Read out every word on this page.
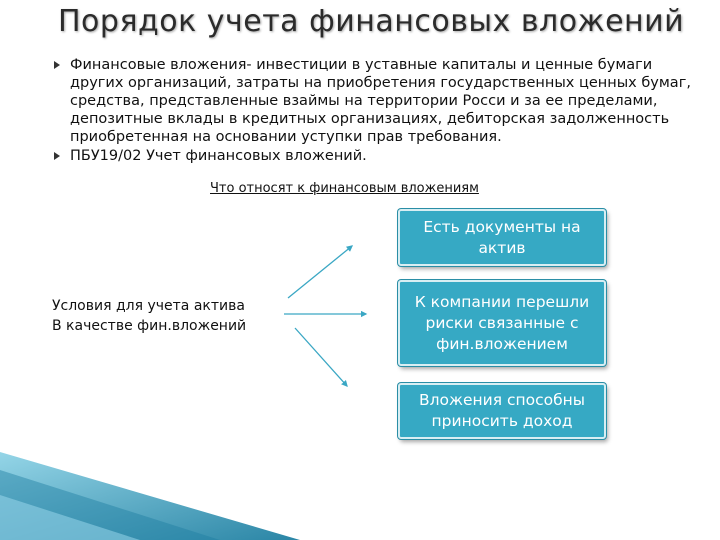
Порядок учета финансовых вложений
Финансовые вложения- инвестиции в уставные капиталы и ценные бумаги других организаций, затраты на приобретения государственных ценных бумаг, средства, представленные взаймы на территории Росси и за ее пределами, депозитные вклады в кредитных организациях, дебиторская задолженность приобретенная на основании уступки прав требования.
ПБУ19/02 Учет финансовых вложений.
Что относят к финансовым вложениям
Условия для учета актива
В качестве фин.вложений
Есть документы на актив
К компании перешли риски связанные с фин.вложением
Вложения способны приносить доход
